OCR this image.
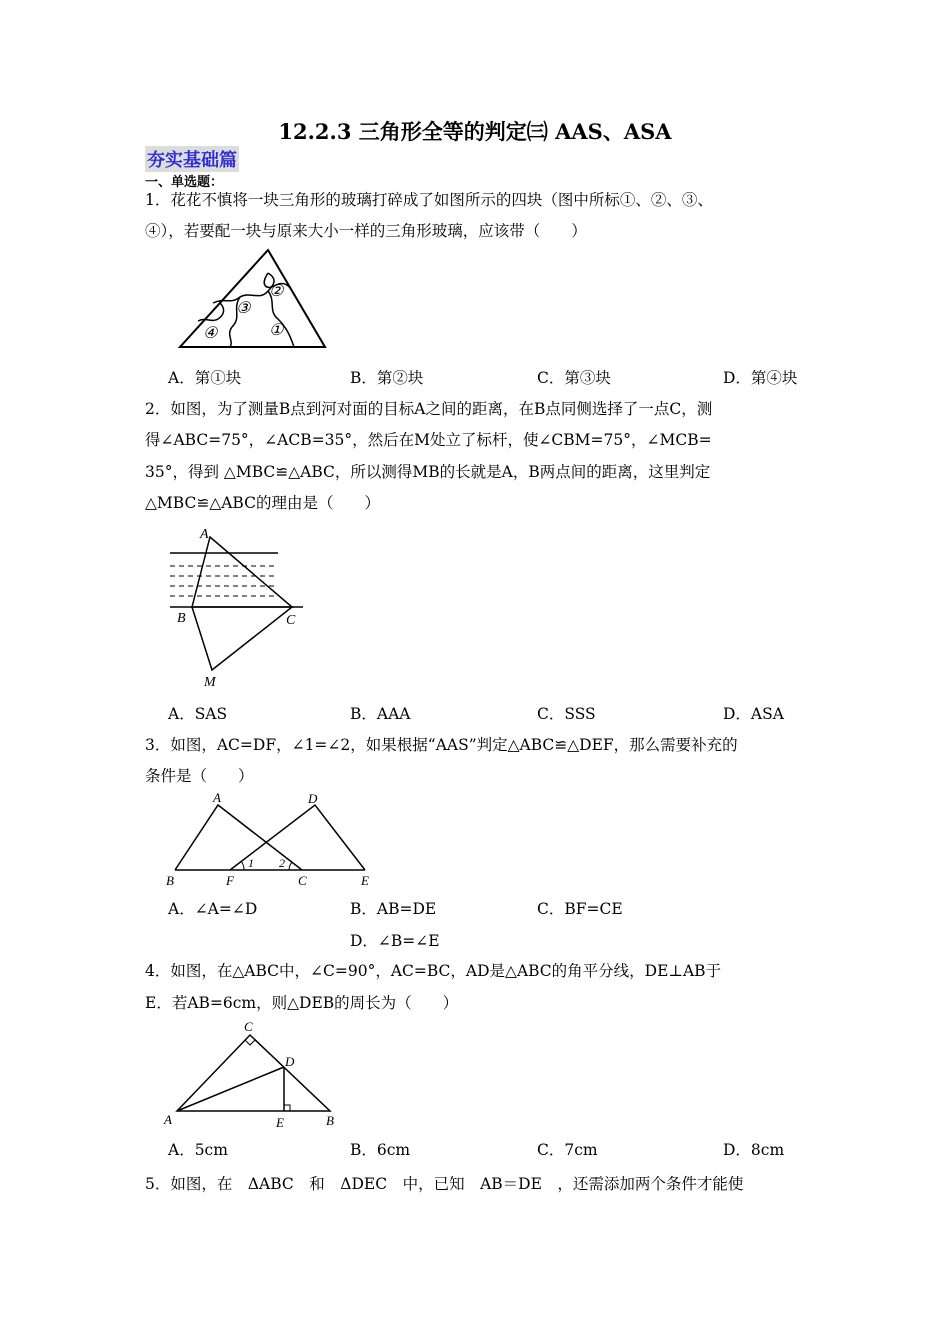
12.2.3 三角形全等的判定㈢ AAS、ASA
夯实基础篇
一、单选题：
1．花花不慎将一块三角形的玻璃打碎成了如图所示的四块（图中所标①、②、③、
④），若要配一块与原来大小一样的三角形玻璃，应该带（　　）
①
②
③
④
A．第①块	B．第②块	C．第③块	D．第④块
2．如图，为了测量B点到河对面的目标A之间的距离，在B点同侧选择了一点C，测
得∠ABC=75°，∠ACB=35°，然后在M处立了标杆，使∠CBM=75°，∠MCB=
35°，得到 △MBC≌△ABC，所以测得MB的长就是A，B两点间的距离，这里判定
△MBC≌△ABC的理由是（　　）
A
B	C
M
A．SAS	B．AAA	C．SSS	D．ASA
3．如图，AC=DF，∠1=∠2，如果根据“AAS”判定△ABC≌△DEF，那么需要补充的
条件是（　　）
A	D
B	F	C	E
1 2
A．∠A=∠D	B．AB=DE	C．BF=CE
D．∠B=∠E
4．如图，在△ABC中，∠C=90°，AC=BC，AD是△ABC的角平分线，DE⊥AB于
E．若AB=6cm，则△DEB的周长为（　　）
C
D
A	E	B
A．5cm	B．6cm	C．7cm	D．8cm
5．如图，在　ΔABC　和　ΔDEC　中，已知　AB＝DE　，还需添加两个条件才能使
